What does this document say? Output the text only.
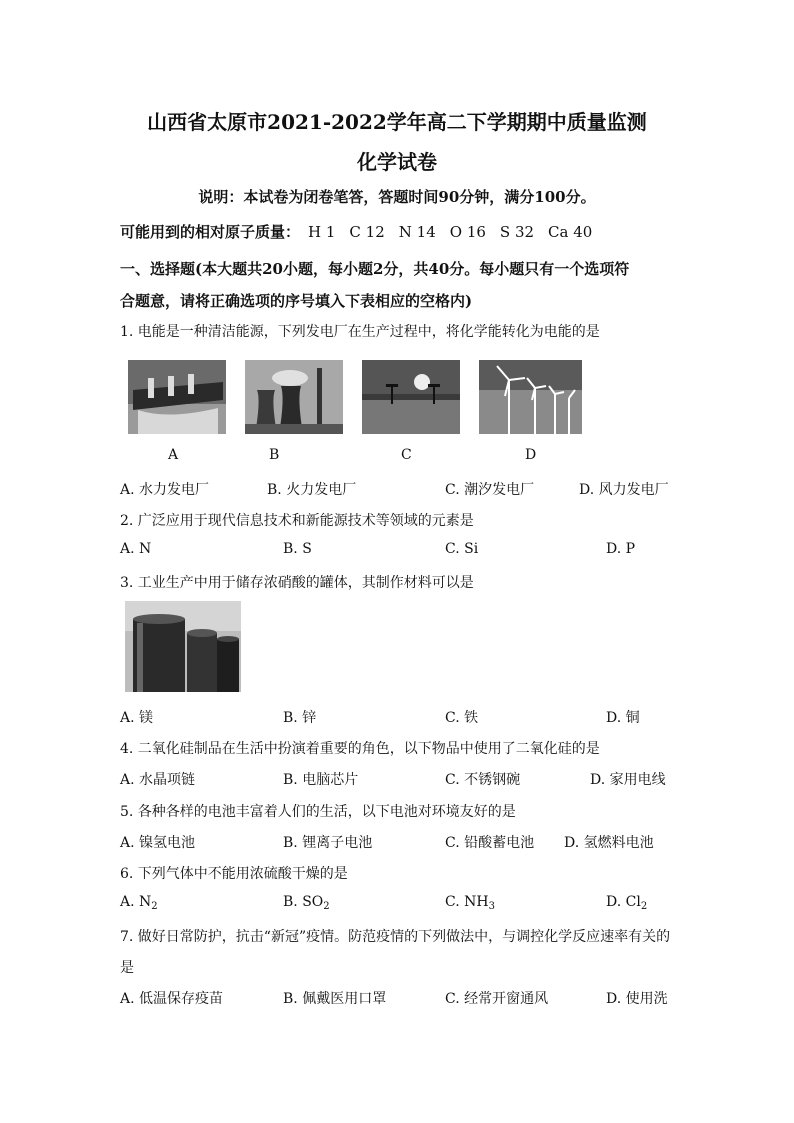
山西省太原市2021-2022学年高二下学期期中质量监测
化学试卷
说明：本试卷为闭卷笔答，答题时间90分钟，满分100分。
可能用到的相对原子质量： H 1 C 12 N 14 O 16 S 32 Ca 40
一、选择题(本大题共20小题，每小题2分，共40分。每小题只有一个选项符
合题意，请将正确选项的序号填入下表相应的空格内)
1. 电能是一种清洁能源，下列发电厂在生产过程中，将化学能转化为电能的是
A	B	C	D
A. 水力发电厂	B. 火力发电厂	C. 潮汐发电厂	D. 风力发电厂
2. 广泛应用于现代信息技术和新能源技术等领域的元素是
A. N	B. S	C. Si	D. P
3. 工业生产中用于储存浓硝酸的罐体，其制作材料可以是
A. 镁	B. 锌	C. 铁	D. 铜
4. 二氧化硅制品在生活中扮演着重要的角色，以下物品中使用了二氧化硅的是
A. 水晶项链	B. 电脑芯片	C. 不锈钢碗	D. 家用电线
5. 各种各样的电池丰富着人们的生活，以下电池对环境友好的是
A. 镍氢电池	B. 锂离子电池	C. 铅酸蓄电池 D. 氢燃料电池
6. 下列气体中不能用浓硫酸干燥的是
A. $N_2$	B. $SO_2$	C. $NH_3$	D. $Cl_2$
7. 做好日常防护，抗击“新冠”疫情。防范疫情的下列做法中，与调控化学反应速率有关的
是
A. 低温保存疫苗	B. 佩戴医用口罩	C. 经常开窗通风	D. 使用洗
